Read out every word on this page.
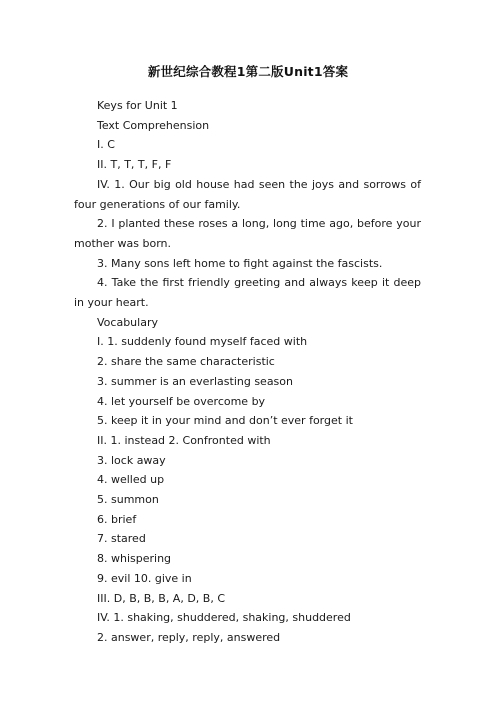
新世纪综合教程1第二版Unit1答案

Keys for Unit 1

Text Comprehension

I. C

II. T, T, T, F, F

IV. 1. Our big old house had seen the joys and sorrows of four generations of our family.

2. I planted these roses a long, long time ago, before your mother was born.

3. Many sons left home to fight against the fascists.

4. Take the first friendly greeting and always keep it deep in your heart.

Vocabulary

I. 1. suddenly found myself faced with

2. share the same characteristic

3. summer is an everlasting season

4. let yourself be overcome by

5. keep it in your mind and don’t ever forget it

II. 1. instead 2. Confronted with

3. lock away

4. welled up

5. summon

6. brief

7. stared

8. whispering

9. evil 10. give in

III. D, B, B, B, A, D, B, C

IV. 1. shaking, shuddered, shaking, shuddered

2. answer, reply, reply, answered
